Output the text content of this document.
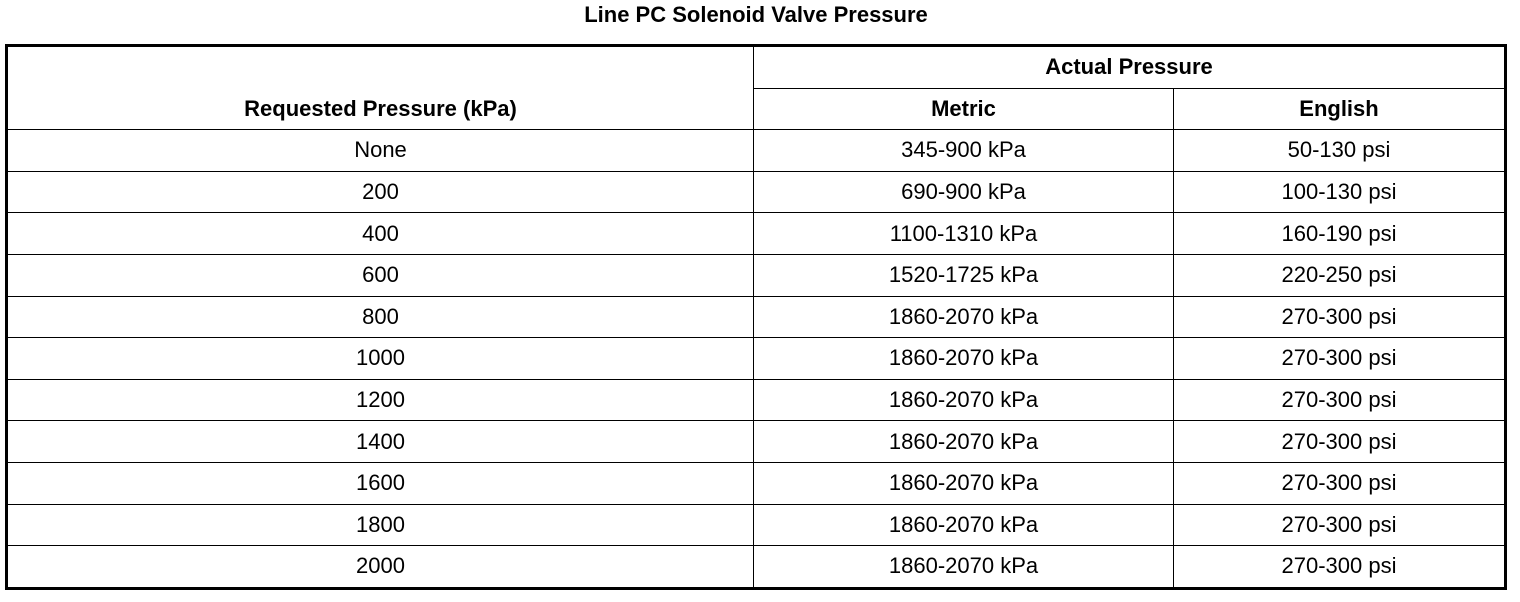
Line PC Solenoid Valve Pressure
Requested Pressure (kPa)	Actual Pressure	
	Metric	English
None	345-900 kPa	50-130 psi
200	690-900 kPa	100-130 psi
400	1100-1310 kPa	160-190 psi
600	1520-1725 kPa	220-250 psi
800	1860-2070 kPa	270-300 psi
1000	1860-2070 kPa	270-300 psi
1200	1860-2070 kPa	270-300 psi
1400	1860-2070 kPa	270-300 psi
1600	1860-2070 kPa	270-300 psi
1800	1860-2070 kPa	270-300 psi
2000	1860-2070 kPa	270-300 psi
